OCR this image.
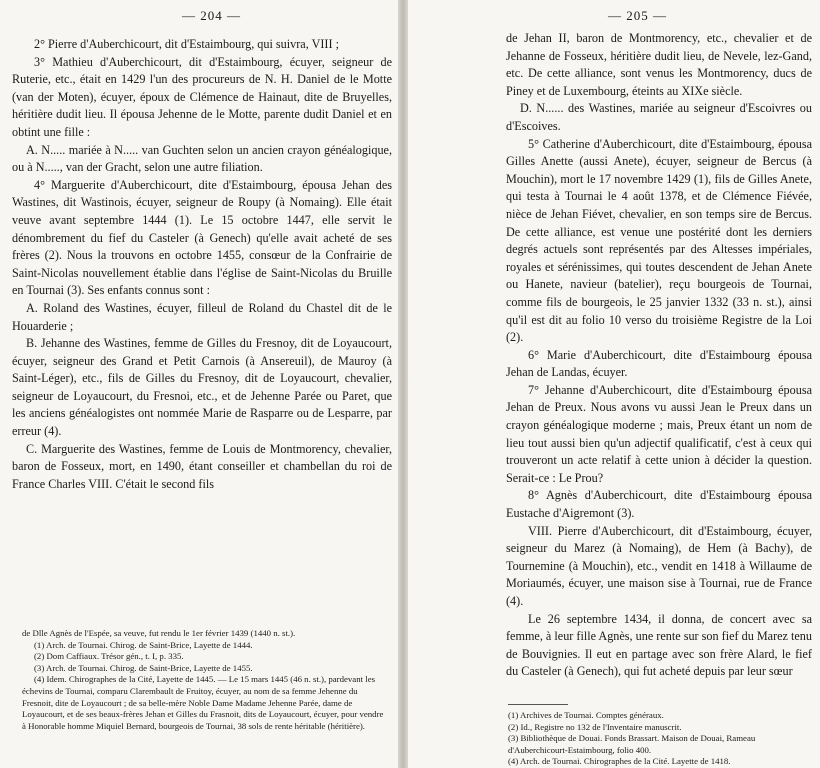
— 204 —

2° Pierre d'Auberchicourt, dit d'Estaimbourg, qui suivra, VIII ;

3° Mathieu d'Auberchicourt, dit d'Estaimbourg, écuyer, seigneur de Ruterie, etc., était en 1429 l'un des procureurs de N. H. Daniel de le Motte (van der Moten), écuyer, époux de Clémence de Hainaut, dite de Bruyelles, héritière dudit lieu. Il épousa Jehenne de le Motte, parente dudit Daniel et en obtint une fille :

A. N..... mariée à N..... van Guchten selon un ancien crayon généalogique, ou à N....., van der Gracht, selon une autre filiation.

4° Marguerite d'Auberchicourt, dite d'Estaimbourg, épousa Jehan des Wastines, dit Wastinois, écuyer, seigneur de Roupy (à Nomaing). Elle était veuve avant septembre 1444 (1). Le 15 octobre 1447, elle servit le dénombrement du fief du Casteler (à Genech) qu'elle avait acheté de ses frères (2). Nous la trouvons en octobre 1455, consœur de la Confrairie de Saint-Nicolas nouvellement établie dans l'église de Saint-Nicolas du Bruille en Tournai (3). Ses enfants connus sont :

A. Roland des Wastines, écuyer, filleul de Roland du Chastel dit de le Houarderie ;

B. Jehanne des Wastines, femme de Gilles du Fresnoy, dit de Loyaucourt, écuyer, seigneur des Grand et Petit Carnois (à Ansereuil), de Mauroy (à Saint-Léger), etc., fils de Gilles du Fresnoy, dit de Loyaucourt, chevalier, seigneur de Loyaucourt, du Fresnoi, etc., et de Jehenne Parée ou Paret, que les anciens généalogistes ont nommée Marie de Rasparre ou de Lesparre, par erreur (4).

C. Marguerite des Wastines, femme de Louis de Montmorency, chevalier, baron de Fosseux, mort, en 1490, étant conseiller et chambellan du roi de France Charles VIII. C'était le second fils

de Dlle Agnès de l'Espée, sa veuve, fut rendu le 1er février 1439 (1440 n. st.).

(1) Arch. de Tournai. Chirog. de Saint-Brice, Layette de 1444.

(2) Dom Caffiaux. Trésor gén., t. I, p. 335.

(3) Arch. de Tournai. Chirog. de Saint-Brice, Layette de 1455.

(4) Idem. Chirographes de la Cité, Layette de 1445. — Le 15 mars 1445 (46 n. st.), pardevant les échevins de Tournai, comparu Clarembault de Fruitoy, écuyer, au nom de sa femme Jehenne du Fresnoit, dite de Loyaucourt ; de sa belle-mère Noble Dame Madame Jehenne Parée, dame de Loyaucourt, et de ses beaux-frères Jehan et Gilles du Frasnoit, dits de Loyaucourt, écuyer, pour vendre à Honorable homme Miquiel Bernard, bourgeois de Tournai, 38 sols de rente héritable (héritière).

— 205 —

de Jehan II, baron de Montmorency, etc., chevalier et de Jehanne de Fosseux, héritière dudit lieu, de Nevele, lez-Gand, etc. De cette alliance, sont venus les Montmorency, ducs de Piney et de Luxembourg, éteints au XIXe siècle.

D. N...... des Wastines, mariée au seigneur d'Escoivres ou d'Escoives.

5° Catherine d'Auberchicourt, dite d'Estaimbourg, épousa Gilles Anette (aussi Anete), écuyer, seigneur de Bercus (à Mouchin), mort le 17 novembre 1429 (1), fils de Gilles Anete, qui testa à Tournai le 4 août 1378, et de Clémence Fiévée, nièce de Jehan Fiévet, chevalier, en son temps sire de Bercus. De cette alliance, est venue une postérité dont les derniers degrés actuels sont représentés par des Altesses impériales, royales et sérénissimes, qui toutes descendent de Jehan Anete ou Hanete, navieur (batelier), reçu bourgeois de Tournai, comme fils de bourgeois, le 25 janvier 1332 (33 n. st.), ainsi qu'il est dit au folio 10 verso du troisième Registre de la Loi (2).

6° Marie d'Auberchicourt, dite d'Estaimbourg épousa Jehan de Landas, écuyer.

7° Jehanne d'Auberchicourt, dite d'Estaimbourg épousa Jehan de Preux. Nous avons vu aussi Jean le Preux dans un crayon généalogique moderne ; mais, Preux étant un nom de lieu tout aussi bien qu'un adjectif qualificatif, c'est à ceux qui trouveront un acte relatif à cette union à décider la question. Serait-ce : Le Prou?

8° Agnès d'Auberchicourt, dite d'Estaimbourg épousa Eustache d'Aigremont (3).

VIII. Pierre d'Auberchicourt, dit d'Estaimbourg, écuyer, seigneur du Marez (à Nomaing), de Hem (à Bachy), de Tournemine (à Mouchin), etc., vendit en 1418 à Willaume de Moriaumés, écuyer, une maison sise à Tournai, rue de France (4).

Le 26 septembre 1434, il donna, de concert avec sa femme, à leur fille Agnès, une rente sur son fief du Marez tenu de Bouvignies. Il eut en partage avec son frère Alard, le fief du Casteler (à Genech), qui fut acheté depuis par leur sœur

(1) Archives de Tournai. Comptes généraux.

(2) Id., Registre no 132 de l'Inventaire manuscrit.

(3) Bibliothèque de Douai. Fonds Brassart. Maison de Douai, Rameau d'Auberchicourt-Estaimbourg, folio 400.

(4) Arch. de Tournai. Chirographes de la Cité. Layette de 1418.
